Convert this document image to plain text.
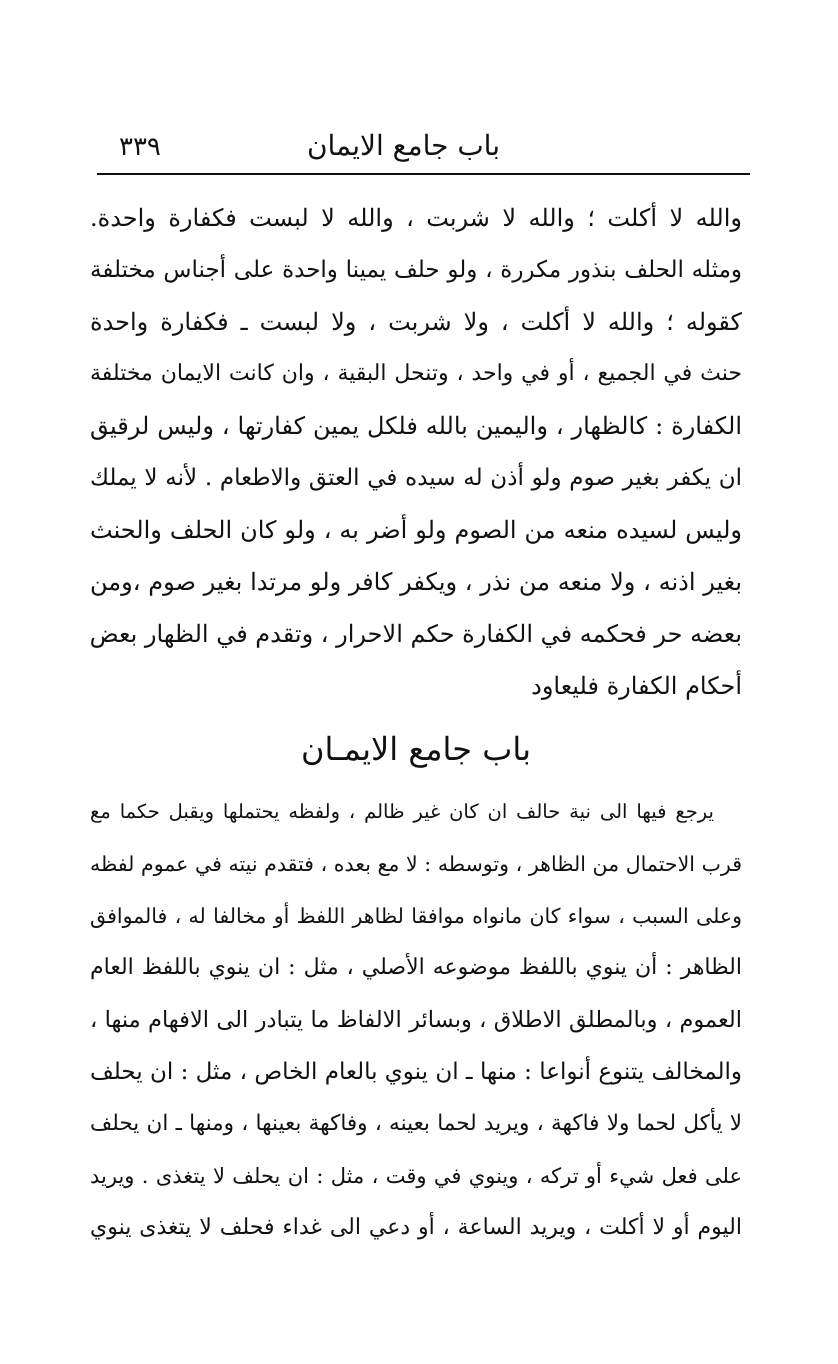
باب جامع الايمان
٣٣٩
والله لا أكلت ؛ والله لا شربت ، والله لا لبست فكفارة واحدة.
ومثله الحلف بنذور مكررة ، ولو حلف يمينا واحدة على أجناس مختلفة
كقوله ؛ والله لا أكلت ، ولا شربت ، ولا لبست ـ فكفارة واحدة
حنث في الجميع ، أو في واحد ، وتنحل البقية ، وان كانت الايمان مختلفة
الكفارة : كالظهار ، واليمين بالله فلكل يمين كفارتها ، وليس لرقيق
ان يكفر بغير صوم ولو أذن له سيده في العتق والاطعام . لأنه لا يملك
وليس لسيده منعه من الصوم ولو أضر به ، ولو كان الحلف والحنث
بغير اذنه ، ولا منعه من نذر ، ويكفر كافر ولو مرتدا بغير صوم ،ومن
بعضه حر فحكمه في الكفارة حكم الاحرار ، وتقدم في الظهار بعض
أحكام الكفارة فليعاود
باب جامع الايمـان
يرجع فيها الى نية حالف ان كان غير ظالم ، ولفظه يحتملها ويقبل حكما مع
قرب الاحتمال من الظاهر ، وتوسطه : لا مع بعده ، فتقدم نيته في عموم لفظه
وعلى السبب ، سواء كان مانواه موافقا لظاهر اللفظ أو مخالفا له ، فالموافق
الظاهر : أن ينوي باللفظ موضوعه الأصلي ، مثل : ان ينوي باللفظ العام
العموم ، وبالمطلق الاطلاق ، وبسائر الالفاظ ما يتبادر الى الافهام منها ،
والمخالف يتنوع أنواعا : منها ـ ان ينوي بالعام الخاص ، مثل : ان يحلف
لا يأكل لحما ولا فاكهة ، ويريد لحما بعينه ، وفاكهة بعينها ، ومنها ـ ان يحلف
على فعل شيء أو تركه ، وينوي في وقت ، مثل : ان يحلف لا يتغذى . ويريد
اليوم أو لا أكلت ، ويريد الساعة ، أو دعي الى غداء فحلف لا يتغذى ينوي
